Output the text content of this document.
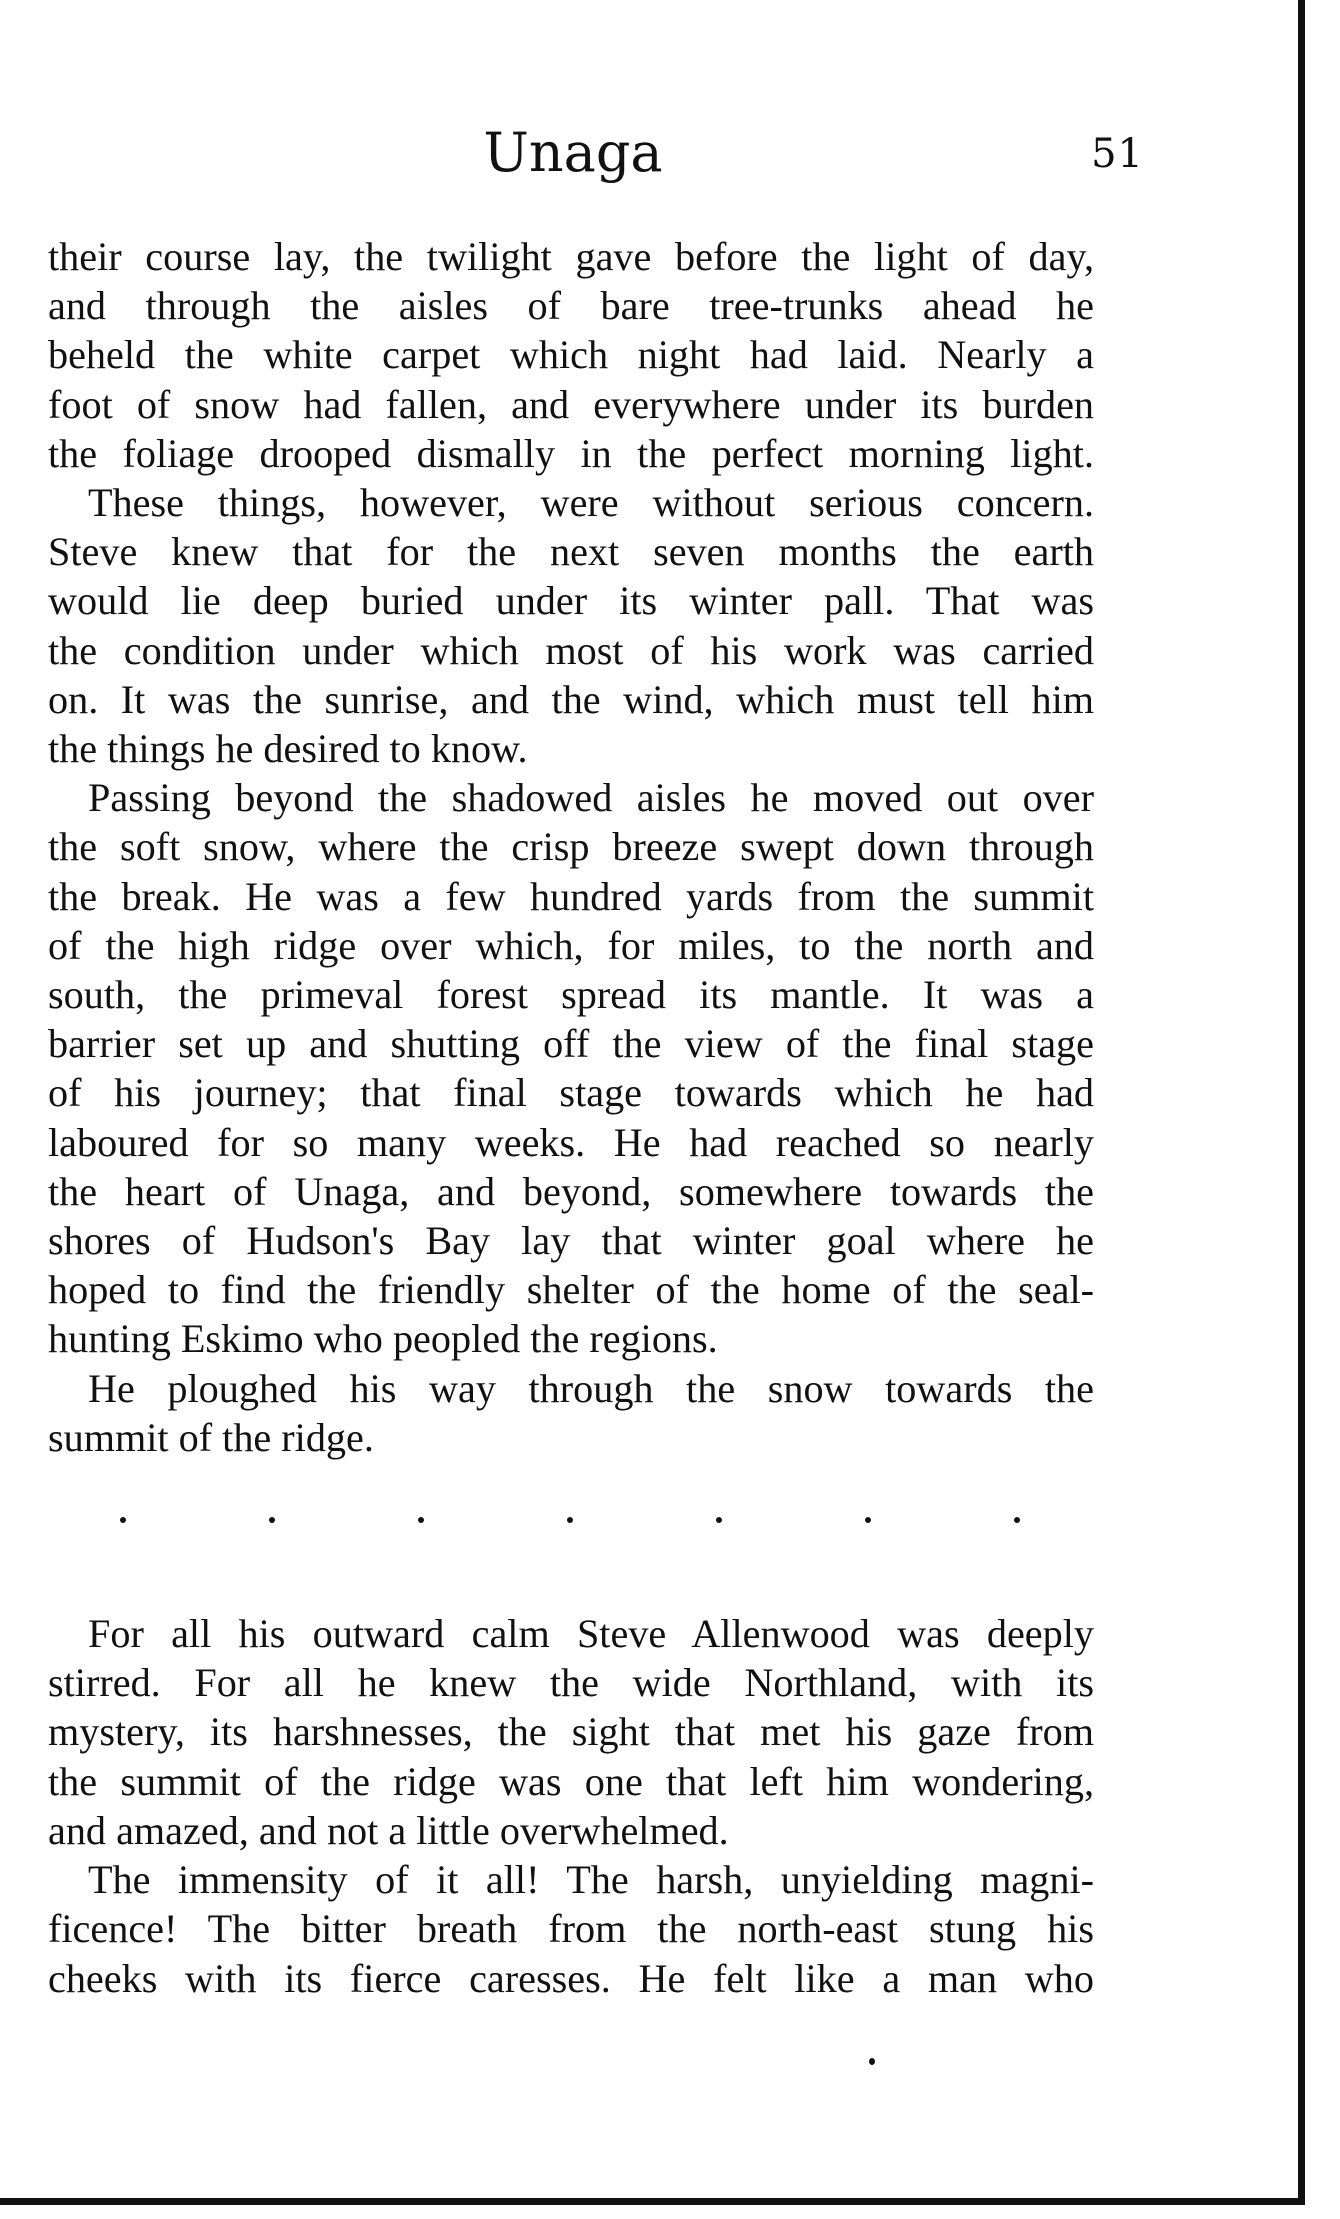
Unaga	51
their course lay, the twilight gave before the light of day,
and through the aisles of bare tree-trunks ahead he
beheld the white carpet which night had laid. Nearly a
foot of snow had fallen, and everywhere under its burden
the foliage drooped dismally in the perfect morning light.
These things, however, were without serious concern.
Steve knew that for the next seven months the earth
would lie deep buried under its winter pall. That was
the condition under which most of his work was carried
on. It was the sunrise, and the wind, which must tell him
the things he desired to know.
Passing beyond the shadowed aisles he moved out over
the soft snow, where the crisp breeze swept down through
the break. He was a few hundred yards from the summit
of the high ridge over which, for miles, to the north and
south, the primeval forest spread its mantle. It was a
barrier set up and shutting off the view of the final stage
of his journey; that final stage towards which he had
laboured for so many weeks. He had reached so nearly
the heart of Unaga, and beyond, somewhere towards the
shores of Hudson's Bay lay that winter goal where he
hoped to find the friendly shelter of the home of the seal-
hunting Eskimo who peopled the regions.
He ploughed his way through the snow towards the
summit of the ridge.
For all his outward calm Steve Allenwood was deeply
stirred. For all he knew the wide Northland, with its
mystery, its harshnesses, the sight that met his gaze from
the summit of the ridge was one that left him wondering,
and amazed, and not a little overwhelmed.
The immensity of it all! The harsh, unyielding magni-
ficence! The bitter breath from the north-east stung his
cheeks with its fierce caresses. He felt like a man who
